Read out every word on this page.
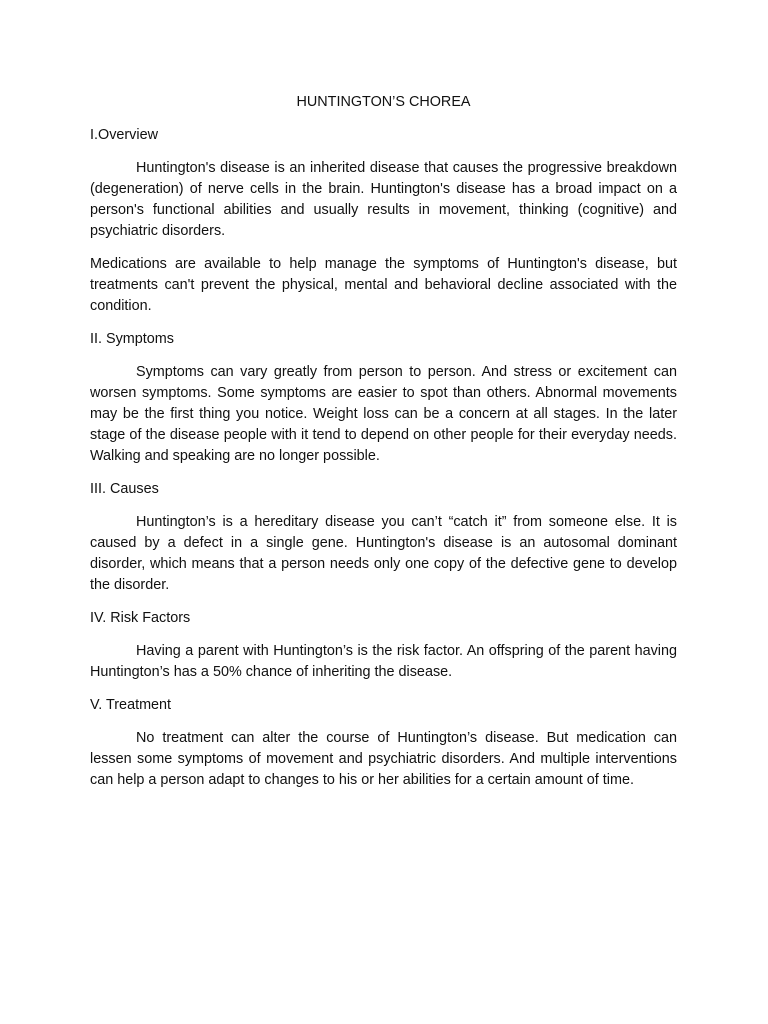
HUNTINGTON’S CHOREA
I.Overview

Huntington's disease is an inherited disease that causes the progressive breakdown (degeneration) of nerve cells in the brain. Huntington's disease has a broad impact on a person's functional abilities and usually results in movement, thinking (cognitive) and psychiatric disorders.

Medications are available to help manage the symptoms of Huntington's disease, but treatments can't prevent the physical, mental and behavioral decline associated with the condition.

II. Symptoms

Symptoms can vary greatly from person to person. And stress or excitement can worsen symptoms. Some symptoms are easier to spot than others. Abnormal movements may be the first thing you notice. Weight loss can be a concern at all stages. In the later stage of the disease people with it tend to depend on other people for their everyday needs. Walking and speaking are no longer possible.

III. Causes

Huntington’s is a hereditary disease you can’t “catch it” from someone else. It is caused by a defect in a single gene. Huntington's disease is an autosomal dominant disorder, which means that a person needs only one copy of the defective gene to develop the disorder.

IV. Risk Factors

Having a parent with Huntington’s is the risk factor. An offspring of the parent having Huntington’s has a 50% chance of inheriting the disease.

V. Treatment

No treatment can alter the course of Huntington’s disease. But medication can lessen some symptoms of movement and psychiatric disorders. And multiple interventions can help a person adapt to changes to his or her abilities for a certain amount of time.
